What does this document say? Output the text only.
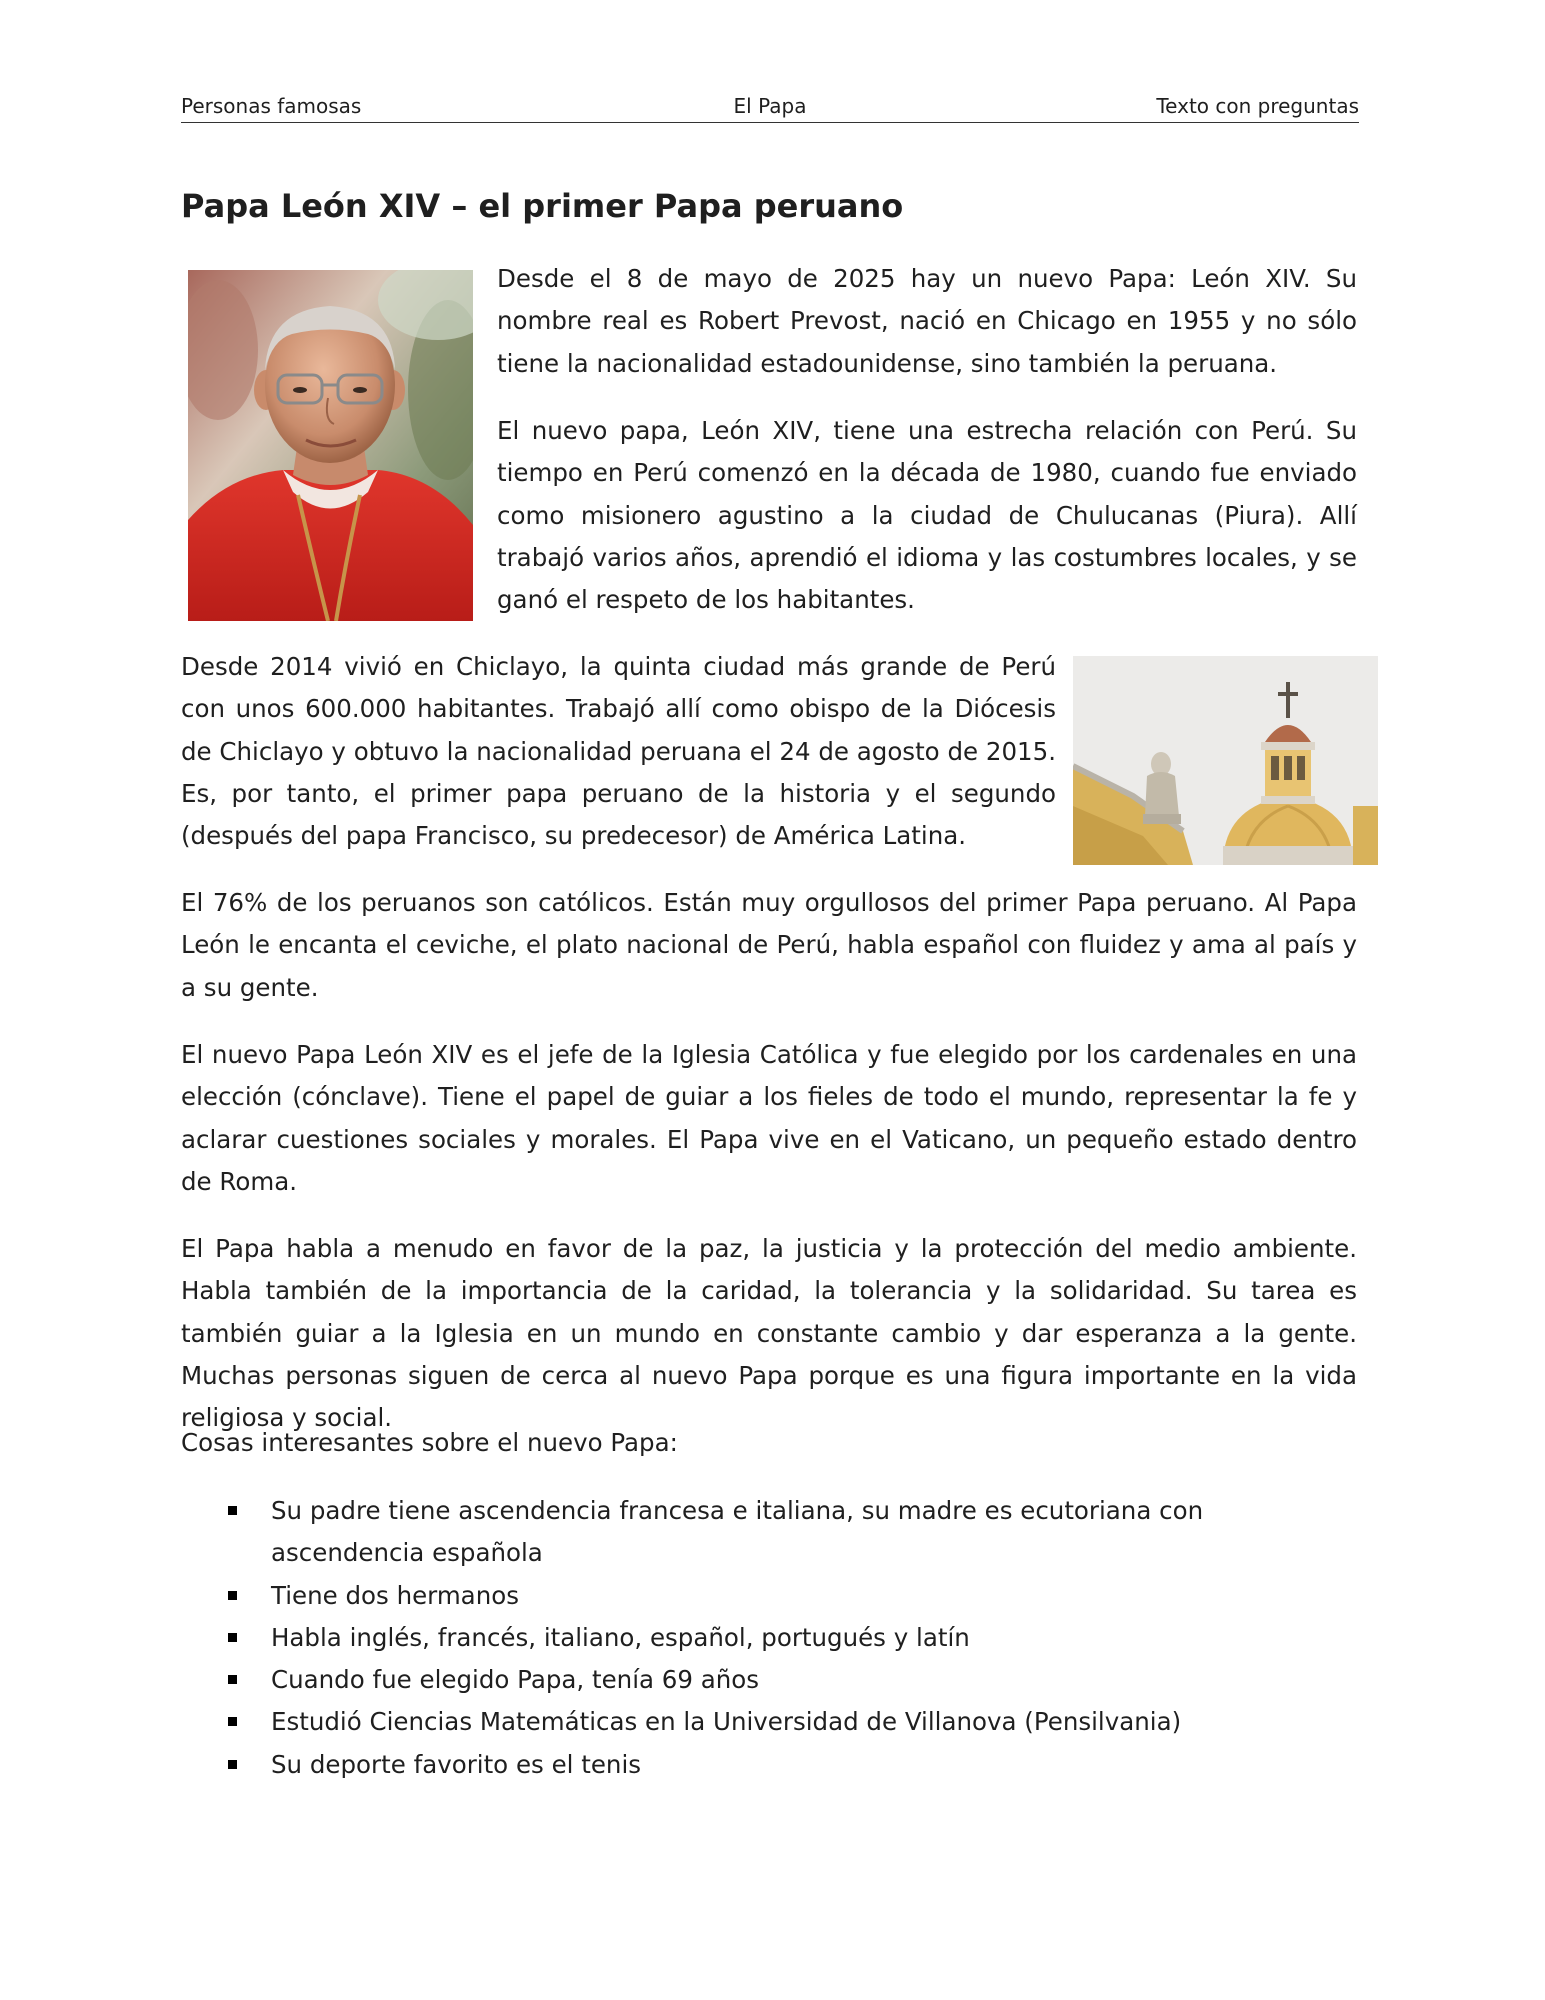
Personas famosas	El Papa	Texto con preguntas
Papa León XIV – el primer Papa peruano

Desde el 8 de mayo de 2025 hay un nuevo Papa: León XIV. Su nombre real es Robert Prevost, nació en Chicago en 1955 y no sólo tiene la nacionalidad estadounidense, sino también la peruana.

El nuevo papa, León XIV, tiene una estrecha relación con Perú. Su tiempo en Perú comenzó en la década de 1980, cuando fue enviado como misionero agustino a la ciudad de Chulucanas (Piura). Allí trabajó varios años, aprendió el idioma y las costumbres locales, y se ganó el respeto de los habitantes.

Desde 2014 vivió en Chiclayo, la quinta ciudad más grande de Perú con unos 600.000 habitantes. Trabajó allí como obispo de la Diócesis de Chiclayo y obtuvo la nacionalidad peruana el 24 de agosto de 2015. Es, por tanto, el primer papa peruano de la historia y el segundo (después del papa Francisco, su predecesor) de América Latina.

El 76% de los peruanos son católicos. Están muy orgullosos del primer Papa peruano. Al Papa León le encanta el ceviche, el plato nacional de Perú, habla español con fluidez y ama al país y a su gente.

El nuevo Papa León XIV es el jefe de la Iglesia Católica y fue elegido por los cardenales en una elección (cónclave). Tiene el papel de guiar a los fieles de todo el mundo, representar la fe y aclarar cuestiones sociales y morales. El Papa vive en el Vaticano, un pequeño estado dentro de Roma.

El Papa habla a menudo en favor de la paz, la justicia y la protección del medio ambiente. Habla también de la importancia de la caridad, la tolerancia y la solidaridad. Su tarea es también guiar a la Iglesia en un mundo en constante cambio y dar esperanza a la gente. Muchas personas siguen de cerca al nuevo Papa porque es una figura importante en la vida religiosa y social.

Cosas interesantes sobre el nuevo Papa:

Su padre tiene ascendencia francesa e italiana, su madre es ecutoriana con ascendencia española
Tiene dos hermanos
Habla inglés, francés, italiano, español, portugués y latín
Cuando fue elegido Papa, tenía 69 años
Estudió Ciencias Matemáticas en la Universidad de Villanova (Pensilvania)
Su deporte favorito es el tenis
